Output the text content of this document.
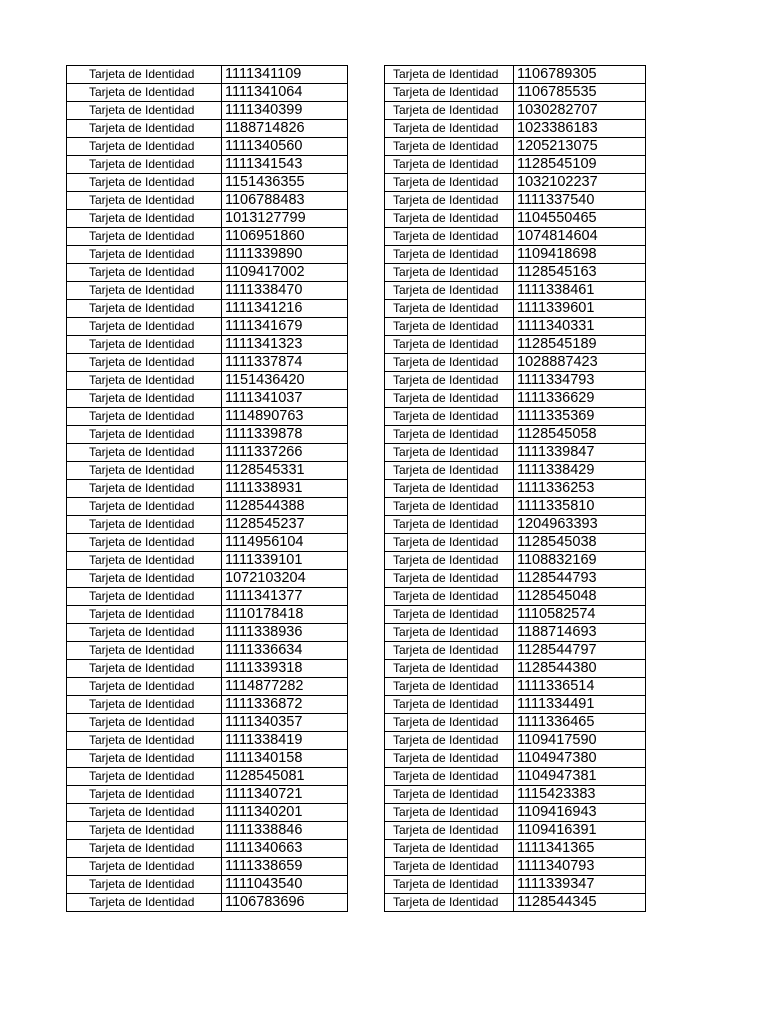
Tarjeta de Identidad	1111341109
Tarjeta de Identidad	1111341064
Tarjeta de Identidad	1111340399
Tarjeta de Identidad	1188714826
Tarjeta de Identidad	1111340560
Tarjeta de Identidad	1111341543
Tarjeta de Identidad	1151436355
Tarjeta de Identidad	1106788483
Tarjeta de Identidad	1013127799
Tarjeta de Identidad	1106951860
Tarjeta de Identidad	1111339890
Tarjeta de Identidad	1109417002
Tarjeta de Identidad	1111338470
Tarjeta de Identidad	1111341216
Tarjeta de Identidad	1111341679
Tarjeta de Identidad	1111341323
Tarjeta de Identidad	1111337874
Tarjeta de Identidad	1151436420
Tarjeta de Identidad	1111341037
Tarjeta de Identidad	1114890763
Tarjeta de Identidad	1111339878
Tarjeta de Identidad	1111337266
Tarjeta de Identidad	1128545331
Tarjeta de Identidad	1111338931
Tarjeta de Identidad	1128544388
Tarjeta de Identidad	1128545237
Tarjeta de Identidad	1114956104
Tarjeta de Identidad	1111339101
Tarjeta de Identidad	1072103204
Tarjeta de Identidad	1111341377
Tarjeta de Identidad	1110178418
Tarjeta de Identidad	1111338936
Tarjeta de Identidad	1111336634
Tarjeta de Identidad	1111339318
Tarjeta de Identidad	1114877282
Tarjeta de Identidad	1111336872
Tarjeta de Identidad	1111340357
Tarjeta de Identidad	1111338419
Tarjeta de Identidad	1111340158
Tarjeta de Identidad	1128545081
Tarjeta de Identidad	1111340721
Tarjeta de Identidad	1111340201
Tarjeta de Identidad	1111338846
Tarjeta de Identidad	1111340663
Tarjeta de Identidad	1111338659
Tarjeta de Identidad	1111043540
Tarjeta de Identidad	1106783696
Tarjeta de Identidad	1106789305
Tarjeta de Identidad	1106785535
Tarjeta de Identidad	1030282707
Tarjeta de Identidad	1023386183
Tarjeta de Identidad	1205213075
Tarjeta de Identidad	1128545109
Tarjeta de Identidad	1032102237
Tarjeta de Identidad	1111337540
Tarjeta de Identidad	1104550465
Tarjeta de Identidad	1074814604
Tarjeta de Identidad	1109418698
Tarjeta de Identidad	1128545163
Tarjeta de Identidad	1111338461
Tarjeta de Identidad	1111339601
Tarjeta de Identidad	1111340331
Tarjeta de Identidad	1128545189
Tarjeta de Identidad	1028887423
Tarjeta de Identidad	1111334793
Tarjeta de Identidad	1111336629
Tarjeta de Identidad	1111335369
Tarjeta de Identidad	1128545058
Tarjeta de Identidad	1111339847
Tarjeta de Identidad	1111338429
Tarjeta de Identidad	1111336253
Tarjeta de Identidad	1111335810
Tarjeta de Identidad	1204963393
Tarjeta de Identidad	1128545038
Tarjeta de Identidad	1108832169
Tarjeta de Identidad	1128544793
Tarjeta de Identidad	1128545048
Tarjeta de Identidad	1110582574
Tarjeta de Identidad	1188714693
Tarjeta de Identidad	1128544797
Tarjeta de Identidad	1128544380
Tarjeta de Identidad	1111336514
Tarjeta de Identidad	1111334491
Tarjeta de Identidad	1111336465
Tarjeta de Identidad	1109417590
Tarjeta de Identidad	1104947380
Tarjeta de Identidad	1104947381
Tarjeta de Identidad	1115423383
Tarjeta de Identidad	1109416943
Tarjeta de Identidad	1109416391
Tarjeta de Identidad	1111341365
Tarjeta de Identidad	1111340793
Tarjeta de Identidad	1111339347
Tarjeta de Identidad	1128544345
